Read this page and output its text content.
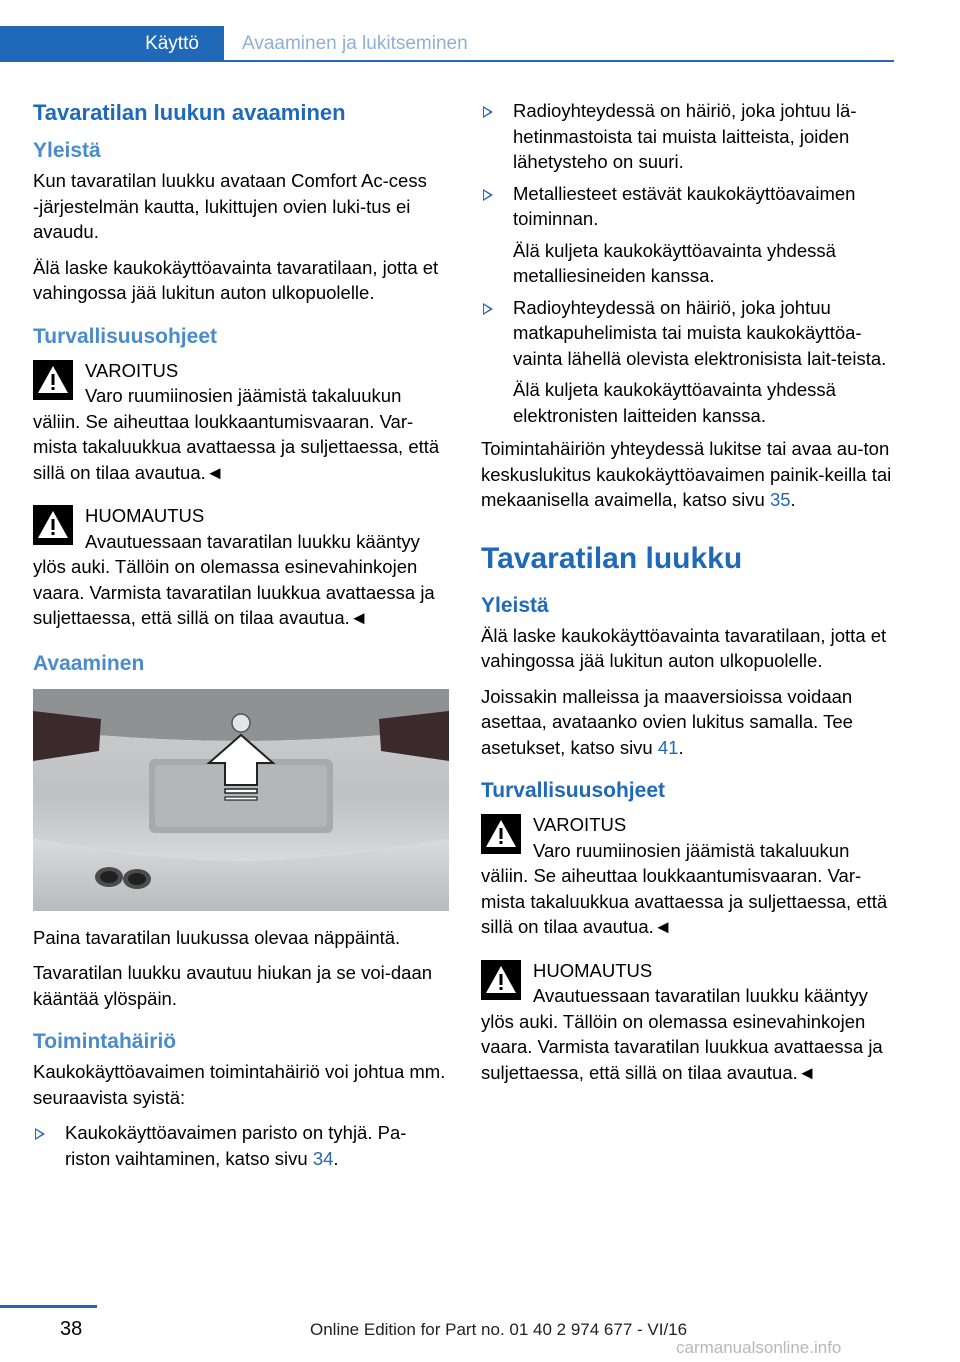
Käyttö	Avaaminen ja lukitseminen
Tavaratilan luukun avaaminen
Yleistä

Kun tavaratilan luukku avataan Comfort Ac‐cess ‑järjestelmän kautta, lukittujen ovien luki‐tus ei avaudu.

Älä laske kaukokäyttöavainta tavaratilaan, jotta et vahingossa jää lukitun auton ulkopuolelle.

Turvallisuusohjeet
VAROITUS
Varo ruumiinosien jäämistä takaluukun väliin. Se aiheuttaa loukkaantumisvaaran. Var‐mista takaluukkua avattaessa ja suljettaessa, että sillä on tilaa avautua.◄
HUOMAUTUS
Avautuessaan tavaratilan luukku kääntyy ylös auki. Tällöin on olemassa esinevahinkojen vaara. Varmista tavaratilan luukkua avattaessa ja suljettaessa, että sillä on tilaa avautua.◄
Avaaminen

Paina tavaratilan luukussa olevaa näppäintä.

Tavaratilan luukku avautuu hiukan ja se voi‐daan kääntää ylöspäin.

Toimintahäiriö

Kaukokäyttöavaimen toimintahäiriö voi johtua mm. seuraavista syistä:

Kaukokäyttöavaimen paristo on tyhjä. Pa‐riston vaihtaminen, katso sivu 34.

Radioyhteydessä on häiriö, joka johtuu lä‐hetinmastoista tai muista laitteista, joiden lähetysteho on suuri.

Metalliesteet estävät kaukokäyttöavaimen toiminnan.

Älä kuljeta kaukokäyttöavainta yhdessä metalliesineiden kanssa.

Radioyhteydessä on häiriö, joka johtuu matkapuhelimista tai muista kaukokäyttöa‐vainta lähellä olevista elektronisista lait‐teista.

Älä kuljeta kaukokäyttöavainta yhdessä elektronisten laitteiden kanssa.

Toimintahäiriön yhteydessä lukitse tai avaa au‐ton keskuslukitus kaukokäyttöavaimen painik‐keilla tai mekaanisella avaimella, katso sivu 35.

Tavaratilan luukku
Yleistä

Älä laske kaukokäyttöavainta tavaratilaan, jotta et vahingossa jää lukitun auton ulkopuolelle.

Joissakin malleissa ja maaversioissa voidaan asettaa, avataanko ovien lukitus samalla. Tee asetukset, katso sivu 41.

Turvallisuusohjeet
VAROITUS
Varo ruumiinosien jäämistä takaluukun väliin. Se aiheuttaa loukkaantumisvaaran. Var‐mista takaluukkua avattaessa ja suljettaessa, että sillä on tilaa avautua.◄
HUOMAUTUS
Avautuessaan tavaratilan luukku kääntyy ylös auki. Tällöin on olemassa esinevahinkojen vaara. Varmista tavaratilan luukkua avattaessa ja suljettaessa, että sillä on tilaa avautua.◄
38	Online Edition for Part no. 01 40 2 974 677 - VI/16
carmanualsonline.info
